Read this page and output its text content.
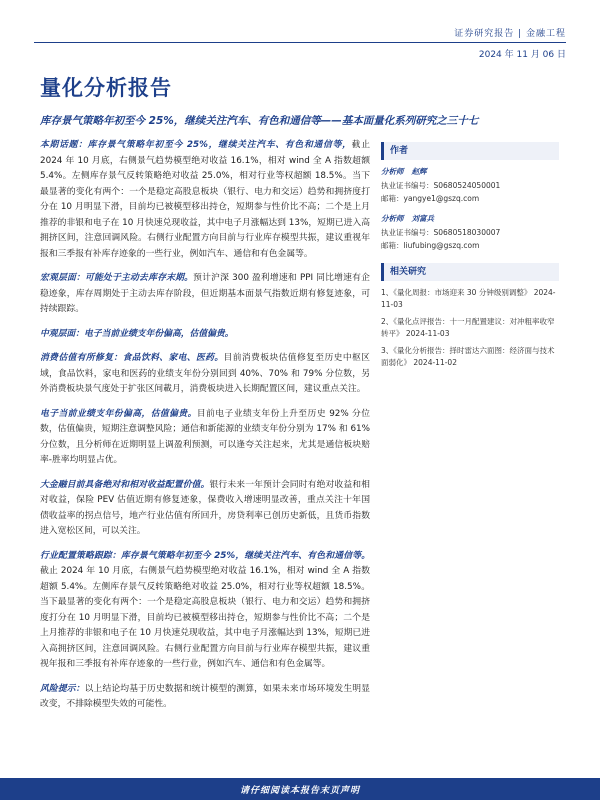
证券研究报告 | 金融工程
2024 年 11 月 06 日
量化分析报告
库存景气策略年初至今 25%，继续关注汽车、有色和通信等——基本面量化系列研究之三十七

本期话题：库存景气策略年初至今 25%，继续关注汽车、有色和通信等，截止 2024 年 10 月底，右侧景气趋势模型绝对收益 16.1%，相对 wind 全 A 指数超额 5.4%。左侧库存景气反转策略绝对收益 25.0%，相对行业等权超额 18.5%。当下最显著的变化有两个：一个是稳定高股息板块（银行、电力和交运）趋势和拥挤度打分在 10 月明显下滑，目前均已被模型移出持仓，短期参与性价比不高；二个是上月推荐的非银和电子在 10 月快速兑现收益，其中电子月涨幅达到 13%，短期已进入高拥挤区间，注意回调风险。右侧行业配置方向目前与行业库存模型共振，建议重视年报和三季报有补库存迹象的一些行业，例如汽车、通信和有色金属等。

宏观层面：可能处于主动去库存末期。预计沪深 300 盈利增速和 PPI 同比增速有企稳迹象，库存周期处于主动去库存阶段，但近期基本面景气指数近期有修复迹象，可持续跟踪。

中观层面：电子当前业绩支年份偏高，估值偏贵。

消费估值有所修复：食品饮料、家电、医药。目前消费板块估值修复至历史中枢区域，食品饮料，家电和医药的业绩支年份分别回到 40%、70% 和 79% 分位数，另外消费板块景气度处于扩张区间載月，消费板块进入长期配置区间，建议重点关注。

电子当前业绩支年份偏高，估值偏贵。目前电子业绩支年份上升至历史 92% 分位数，估值偏贵，短期注意调整风险；通信和新能源的业绩支年份分别为 17% 和 61% 分位数，且分析师在近期明显上调盈利预测，可以逢夸关注起来，尤其是通信板块赔率-胜率均明显占优。

大金融目前具备绝对和相对收益配置价值。银行未来一年预计会同时有绝对收益和相对收益，保险 PEV 估值近期有修复迹象，保费收入增速明显改善，重点关注十年国债收益率的拐点信号，地产行业估值有所回升，房贷利率已创历史新低，且货币指数进入宽松区间，可以关注。

行业配置策略跟踪：库存景气策略年初至今 25%，继续关注汽车、有色和通信等。截止 2024 年 10 月底，右侧景气趋势模型绝对收益 16.1%，相对 wind 全 A 指数超额 5.4%。左侧库存景气反转策略绝对收益 25.0%，相对行业等权超额 18.5%。当下最显著的变化有两个：一个是稳定高股息板块（银行、电力和交运）趋势和拥挤度打分在 10 月明显下滑，目前均已被模型移出持仓，短期参与性价比不高；二个是上月推荐的非银和电子在 10 月快速兑现收益，其中电子月涨幅达到 13%，短期已进入高拥挤区间，注意回调风险。右侧行业配置方向目前与行业库存模型共振，建议重视年报和三季报有补库存迹象的一些行业，例如汽车、通信和有色金属等。

风险提示：以上结论均基于历史数据和统计模型的测算，如果未来市场环境发生明显改变，不排除模型失效的可能性。

作者
分析师 赵辉
执业证书编号：S0680524050001
邮箱：yangye1@gszq.com
分析师 刘富兵
执业证书编号：S0680518030007
邮箱：liufubing@gszq.com
相关研究
1、《量化周报：市场迎来 30 分钟级别调整》 2024-11-03
2、《量化点评报告：十一月配置建议：对冲粗率收窄转平》 2024-11-03
3、《量化分析报告：择时雷达六面图：经济面与技术面弱化》 2024-11-02
请仔细阅读本报告末页声明
